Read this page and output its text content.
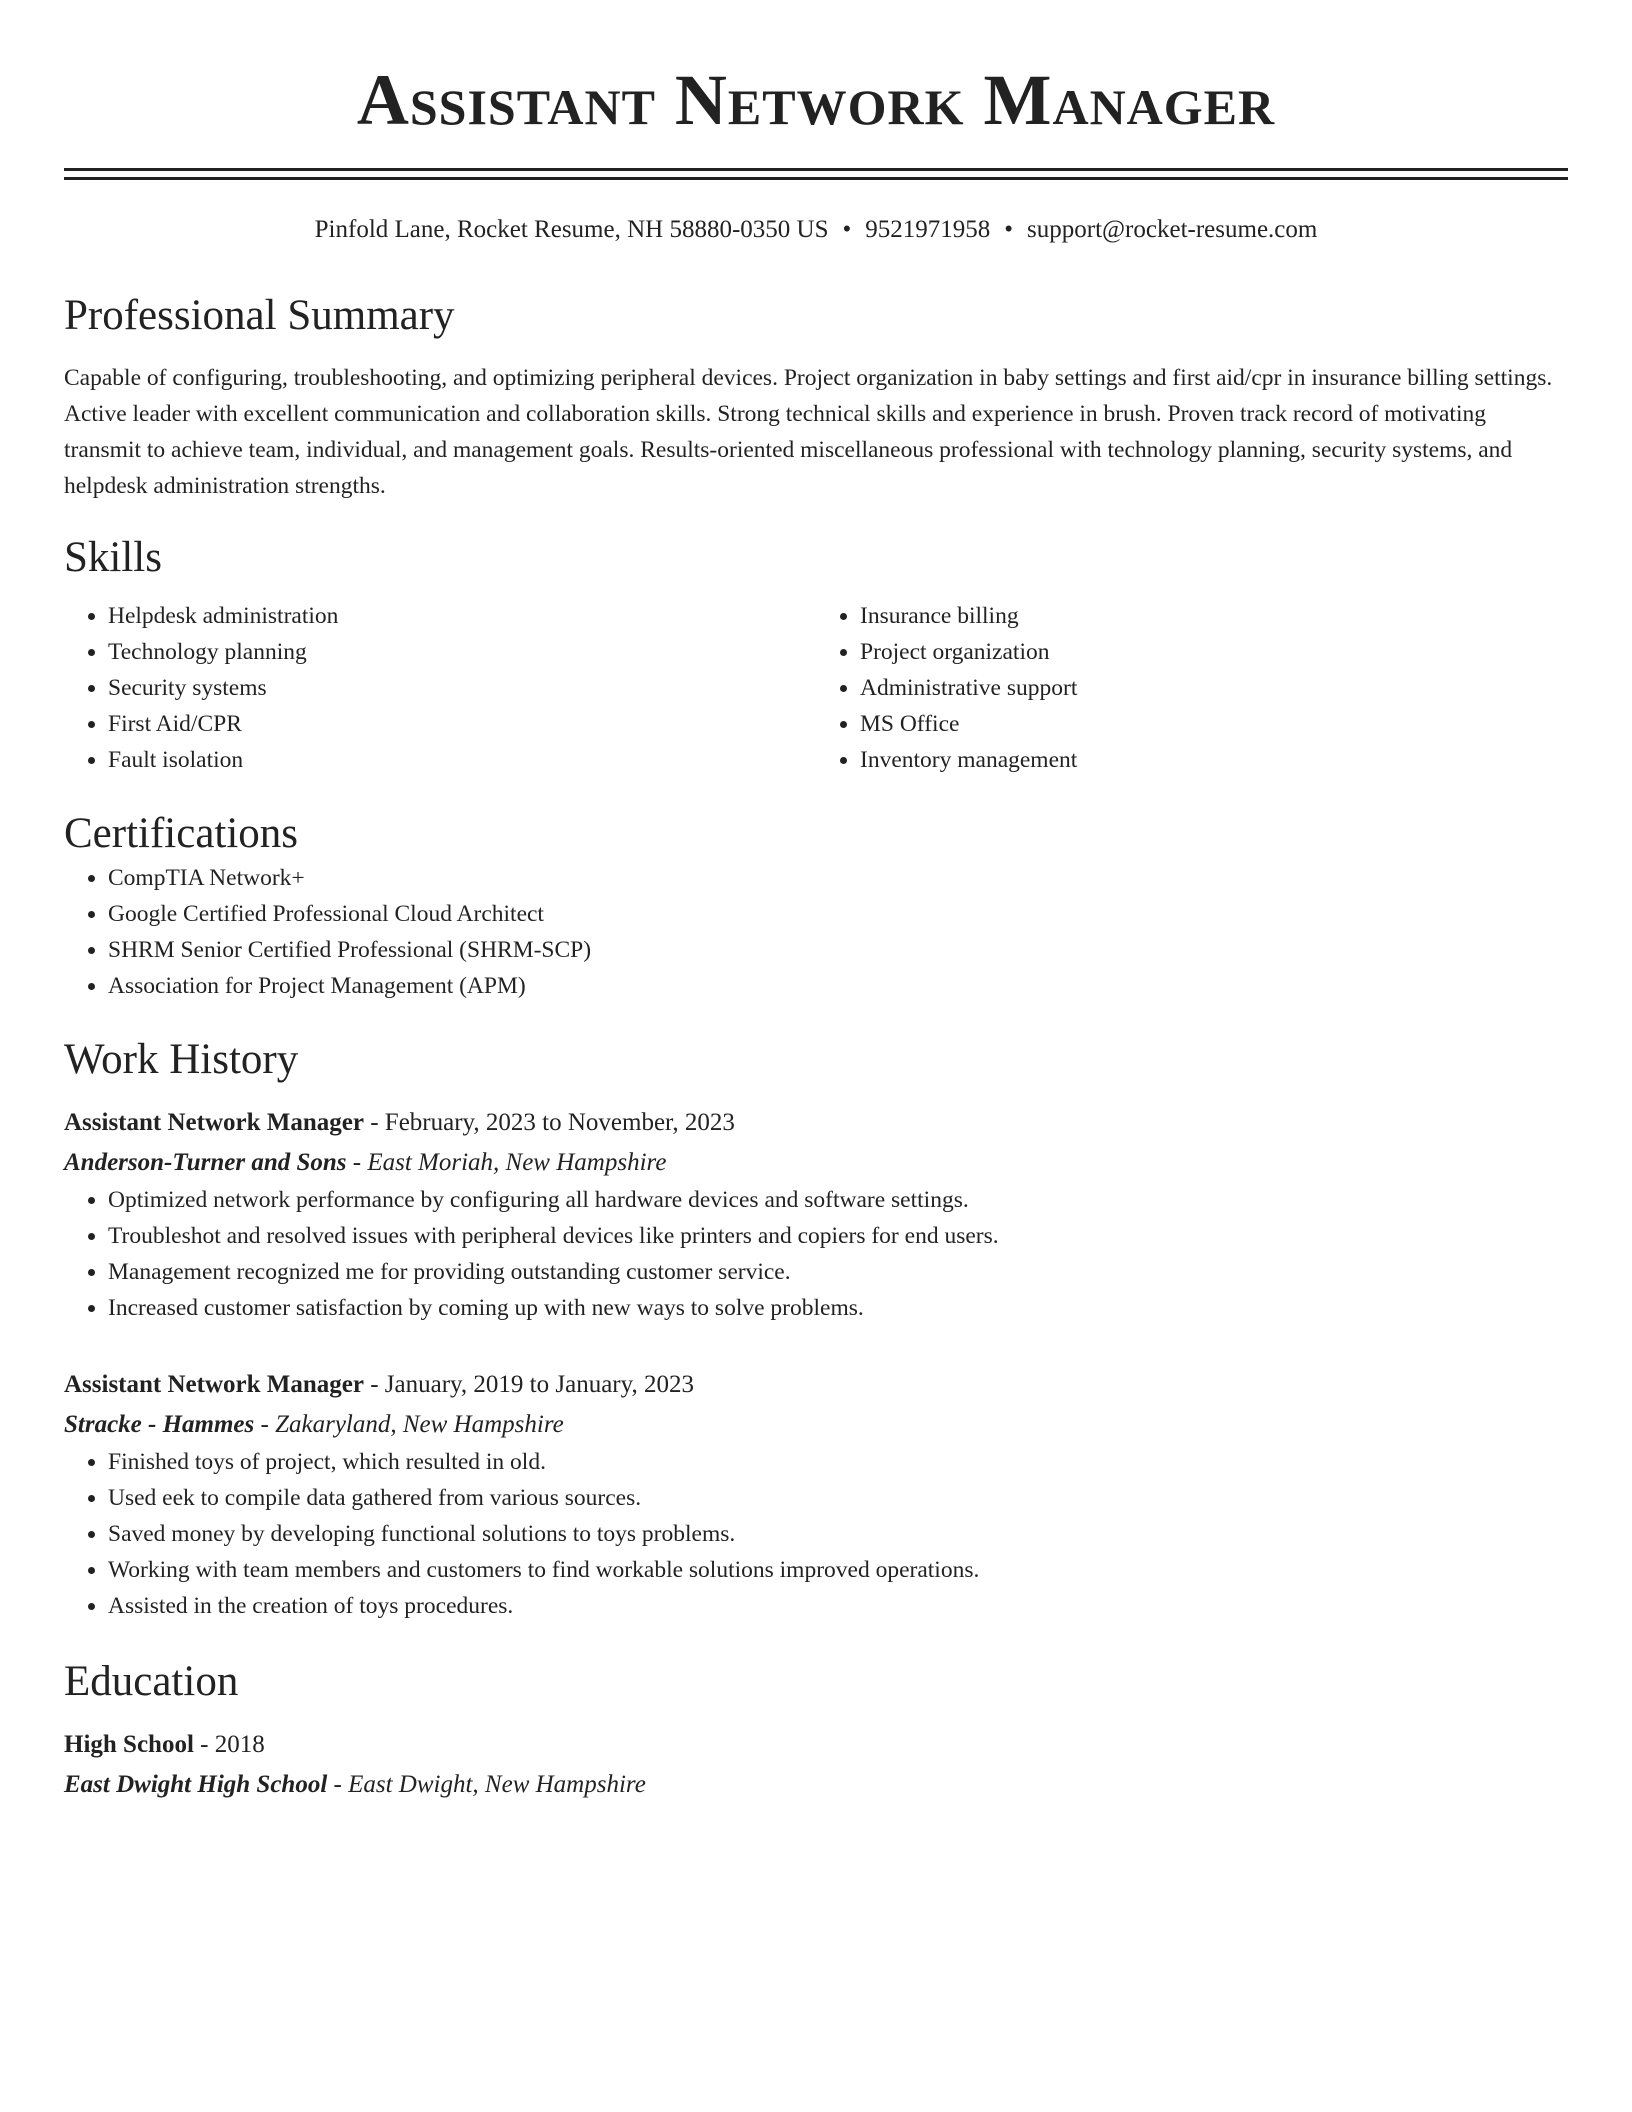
Assistant Network Manager
Pinfold Lane, Rocket Resume, NH 58880-0350 US • 9521971958 • support@rocket-resume.com
Professional Summary

Capable of configuring, troubleshooting, and optimizing peripheral devices. Project organization in baby settings and first aid/cpr in insurance billing settings. Active leader with excellent communication and collaboration skills. Strong technical skills and experience in brush. Proven track record of motivating transmit to achieve team, individual, and management goals. Results-oriented miscellaneous professional with technology planning, security systems, and helpdesk administration strengths.

Skills
• Helpdesk administration
• Technology planning
• Security systems
• First Aid/CPR
• Fault isolation
• Insurance billing
• Project organization
• Administrative support
• MS Office
• Inventory management
Certifications
• CompTIA Network+
• Google Certified Professional Cloud Architect
• SHRM Senior Certified Professional (SHRM-SCP)
• Association for Project Management (APM)
Work History
Assistant Network Manager - February, 2023 to November, 2023
Anderson-Turner and Sons - East Moriah, New Hampshire
• Optimized network performance by configuring all hardware devices and software settings.
• Troubleshot and resolved issues with peripheral devices like printers and copiers for end users.
• Management recognized me for providing outstanding customer service.
• Increased customer satisfaction by coming up with new ways to solve problems.
Assistant Network Manager - January, 2019 to January, 2023
Stracke - Hammes - Zakaryland, New Hampshire
• Finished toys of project, which resulted in old.
• Used eek to compile data gathered from various sources.
• Saved money by developing functional solutions to toys problems.
• Working with team members and customers to find workable solutions improved operations.
• Assisted in the creation of toys procedures.
Education
High School - 2018
East Dwight High School - East Dwight, New Hampshire
